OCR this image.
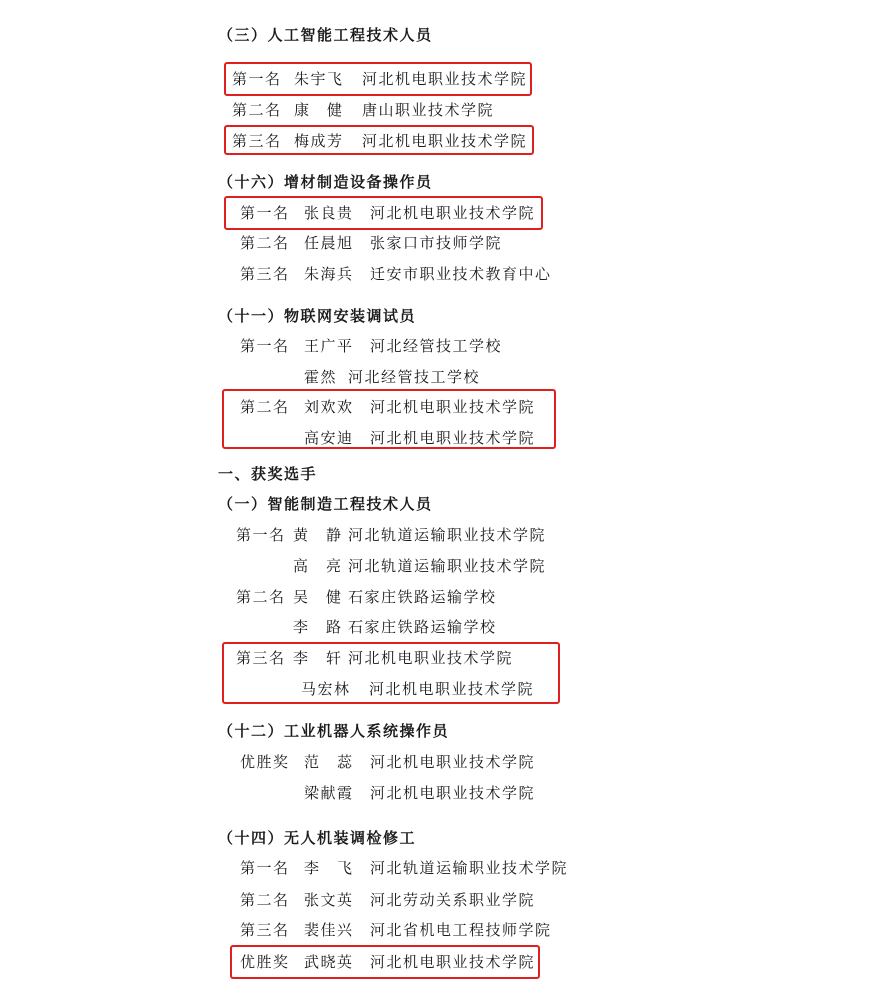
（三）人工智能工程技术人员
第一名 朱宇飞 河北机电职业技术学院
第二名 康　健 唐山职业技术学院
第三名 梅成芳 河北机电职业技术学院
（十六）增材制造设备操作员
第一名 张良贵 河北机电职业技术学院
第二名 任晨旭 张家口市技师学院
第三名 朱海兵 迁安市职业技术教育中心
（十一）物联网安装调试员
第一名 王广平 河北经管技工学校
霍然 河北经管技工学校
第二名 刘欢欢 河北机电职业技术学院
高安迪 河北机电职业技术学院
一、获奖选手
（一）智能制造工程技术人员
第一名 黄　静 河北轨道运输职业技术学院
高　亮 河北轨道运输职业技术学院
第二名 吴　健 石家庄铁路运输学校
李　路 石家庄铁路运输学校
第三名 李　轩 河北机电职业技术学院
马宏林 河北机电职业技术学院
（十二）工业机器人系统操作员
优胜奖 范　蕊 河北机电职业技术学院
梁献霞 河北机电职业技术学院
（十四）无人机装调检修工
第一名 李　飞 河北轨道运输职业技术学院
第二名 张文英 河北劳动关系职业学院
第三名 裴佳兴 河北省机电工程技师学院
优胜奖 武晓英 河北机电职业技术学院
